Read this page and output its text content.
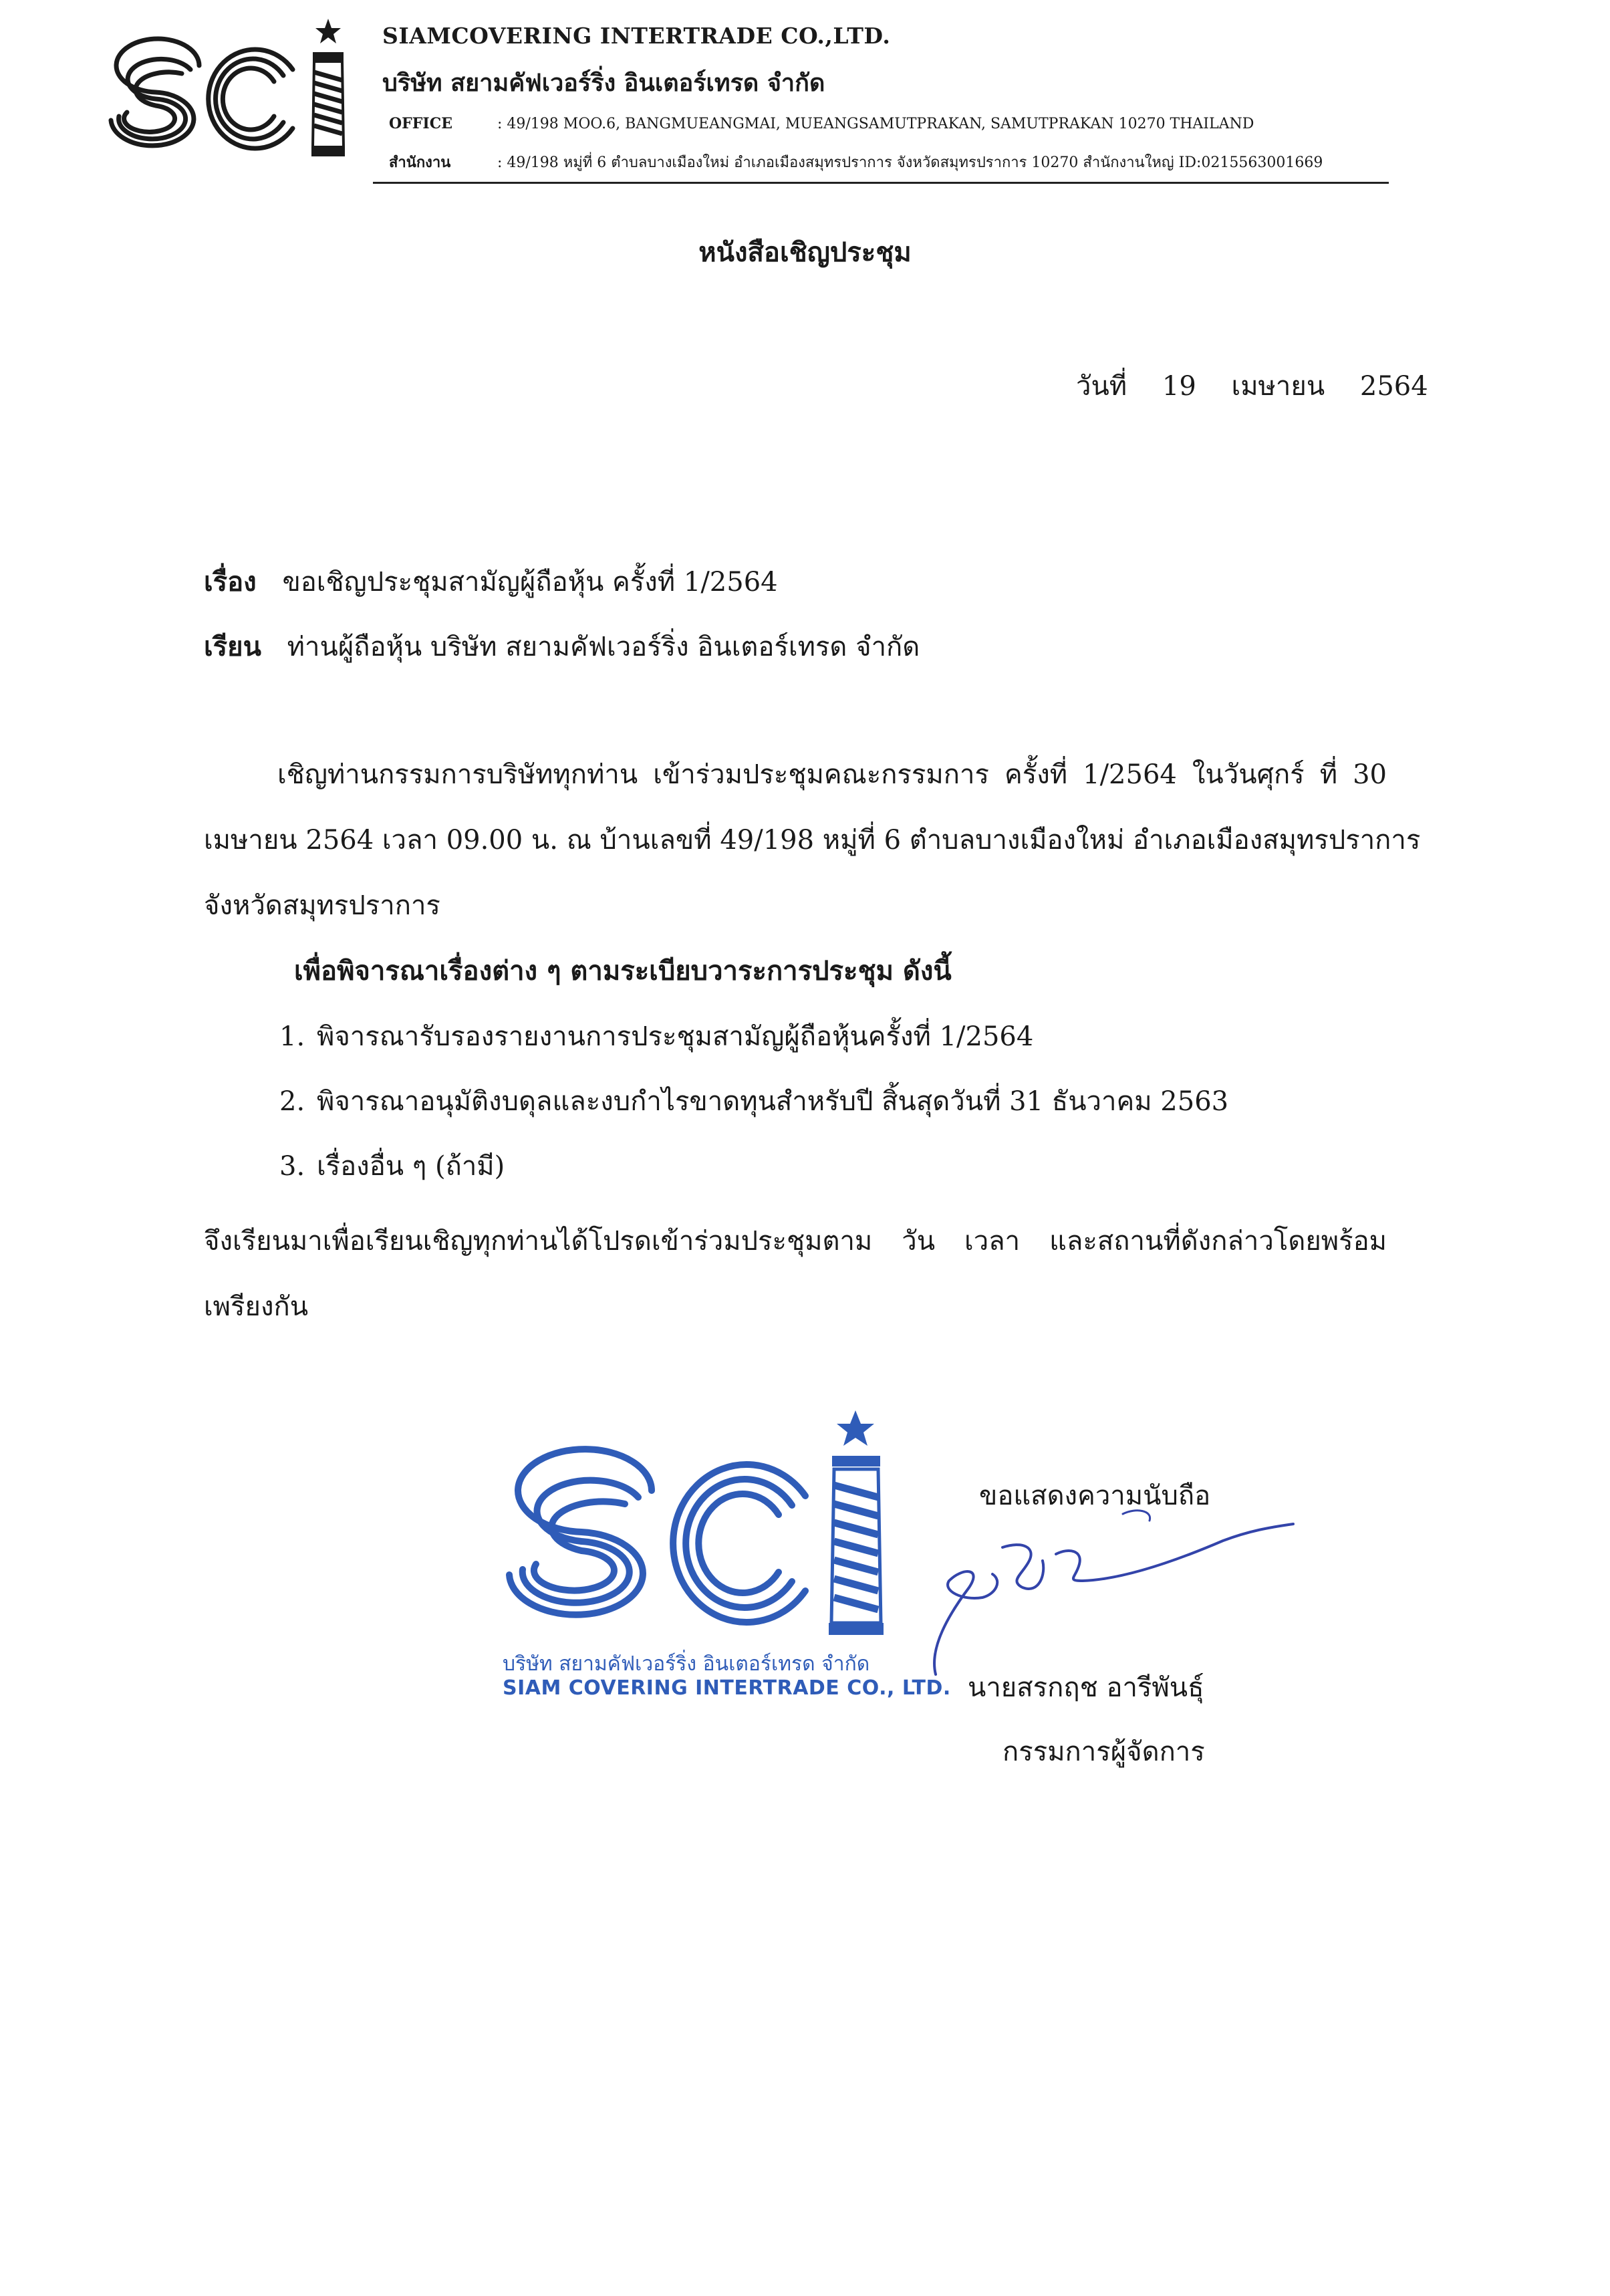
SIAMCOVERING INTERTRADE CO.,LTD.
บริษัท สยามคัฟเวอร์ริ่ง อินเตอร์เทรด จำกัด
OFFICE	: 49/198 MOO.6, BANGMUEANGMAI, MUEANGSAMUTPRAKAN, SAMUTPRAKAN 10270 THAILAND
สำนักงาน	: 49/198 หมู่ที่ 6 ตำบลบางเมืองใหม่ อำเภอเมืองสมุทรปราการ จังหวัดสมุทรปราการ 10270 สำนักงานใหญ่ ID:0215563001669
หนังสือเชิญประชุม
วันที่ 19 เมษายน 2564
เรื่อง ขอเชิญประชุมสามัญผู้ถือหุ้น ครั้งที่ 1/2564
เรียน ท่านผู้ถือหุ้น บริษัท สยามคัฟเวอร์ริ่ง อินเตอร์เทรด จำกัด
เชิญท่านกรรมการบริษัททุกท่าน เข้าร่วมประชุมคณะกรรมการ ครั้งที่ 1/2564 ในวันศุกร์ ที่ 30
เมษายน 2564 เวลา 09.00 น. ณ บ้านเลขที่ 49/198 หมู่ที่ 6 ตำบลบางเมืองใหม่ อำเภอเมืองสมุทรปราการ
จังหวัดสมุทรปราการ
เพื่อพิจารณาเรื่องต่าง ๆ ตามระเบียบวาระการประชุม ดังนี้
1. พิจารณารับรองรายงานการประชุมสามัญผู้ถือหุ้นครั้งที่ 1/2564
2. พิจารณาอนุมัติงบดุลและงบกำไรขาดทุนสำหรับปี สิ้นสุดวันที่ 31 ธันวาคม 2563
3. เรื่องอื่น ๆ (ถ้ามี)
จึงเรียนมาเพื่อเรียนเชิญทุกท่านได้โปรดเข้าร่วมประชุมตาม วัน เวลา และสถานที่ดังกล่าวโดยพร้อม
เพรียงกัน
บริษัท สยามคัฟเวอร์ริ่ง อินเตอร์เทรด จำกัด
SIAM COVERING INTERTRADE CO., LTD.
ขอแสดงความนับถือ
นายสรกฤช อารีพันธุ์
กรรมการผู้จัดการ
